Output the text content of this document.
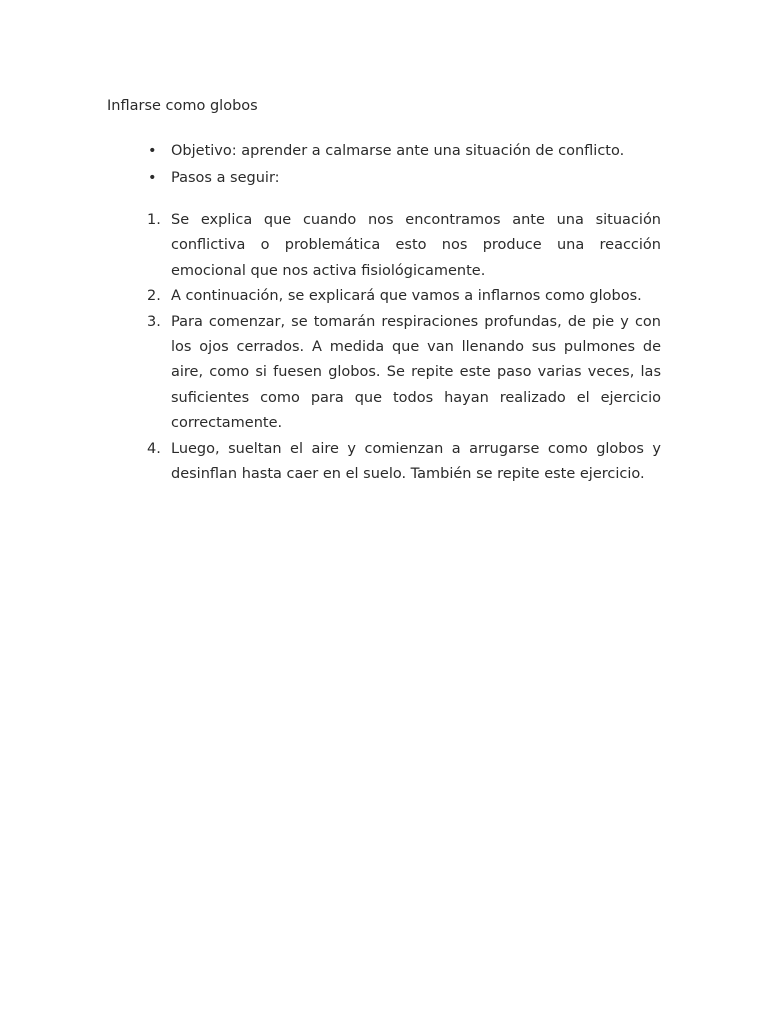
Inflarse como globos
• Objetivo: aprender a calmarse ante una situación de conflicto.
• Pasos a seguir:
1. Se explica que cuando nos encontramos ante una situación conflictiva o problemática esto nos produce una reacción emocional que nos activa fisiológicamente.
2. A continuación, se explicará que vamos a inflarnos como globos.
3. Para comenzar, se tomarán respiraciones profundas, de pie y con los ojos cerrados. A medida que van llenando sus pulmones de aire, como si fuesen globos. Se repite este paso varias veces, las suficientes como para que todos hayan realizado el ejercicio correctamente.
4. Luego, sueltan el aire y comienzan a arrugarse como globos y desinflan hasta caer en el suelo. También se repite este ejercicio.
